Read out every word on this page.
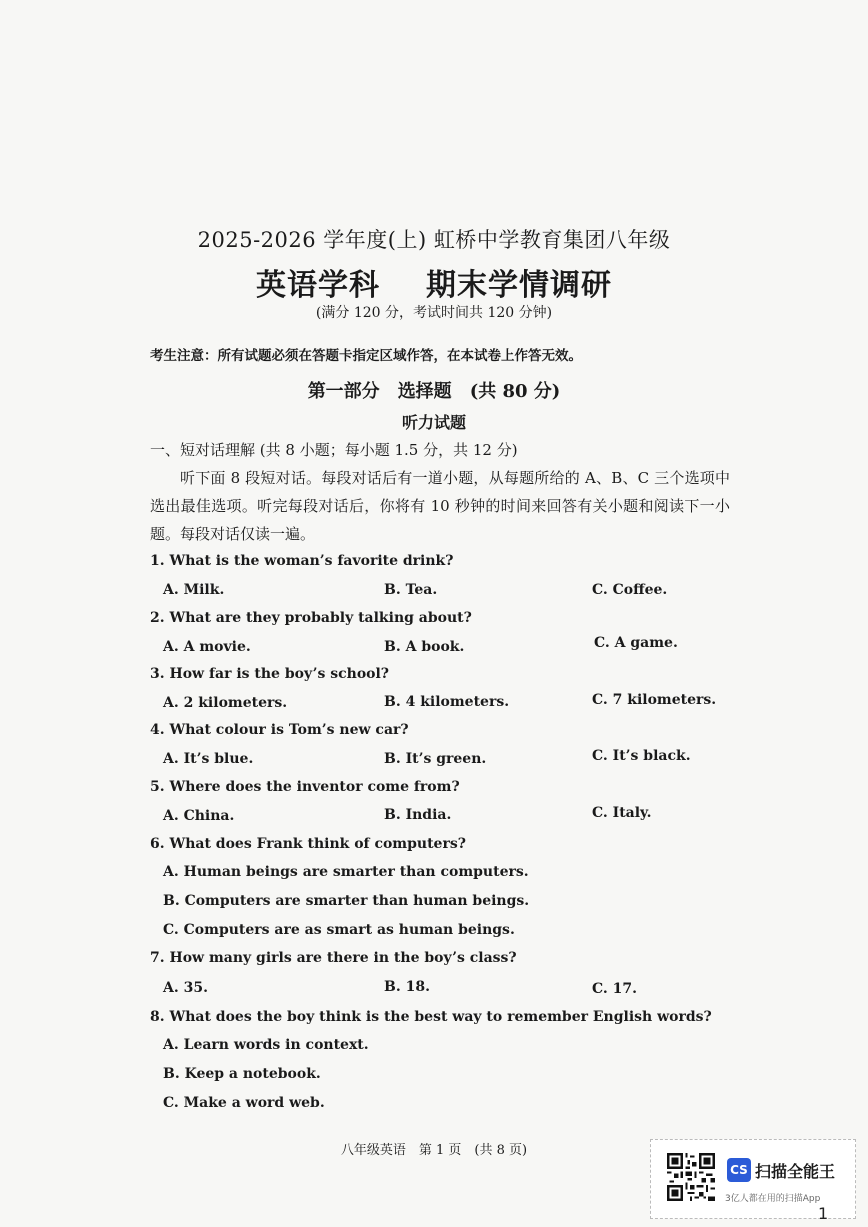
2025-2026 学年度(上) 虹桥中学教育集团八年级
英语学科 期末学情调研
(满分 120 分，考试时间共 120 分钟)
考生注意：所有试题必须在答题卡指定区域作答，在本试卷上作答无效。
第一部分 选择题 (共 80 分)
听力试题
一、短对话理解 (共 8 小题；每小题 1.5 分，共 12 分)
听下面 8 段短对话。每段对话后有一道小题，从每题所给的 A、B、C 三个选项中选出最佳选项。听完每段对话后，你将有 10 秒钟的时间来回答有关小题和阅读下一小题。每段对话仅读一遍。
1. What is the woman’s favorite drink?
A. Milk.	B. Tea.	C. Coffee.
2. What are they probably talking about?
A. A movie.	B. A book.	C. A game.
3. How far is the boy’s school?
A. 2 kilometers.	B. 4 kilometers.	C. 7 kilometers.
4. What colour is Tom’s new car?
A. It’s blue.	B. It’s green.	C. It’s black.
5. Where does the inventor come from?
A. China.	B. India.	C. Italy.
6. What does Frank think of computers?
A. Human beings are smarter than computers.
B. Computers are smarter than human beings.
C. Computers are as smart as human beings.
7. How many girls are there in the boy’s class?
A. 35.	B. 18.	C. 17.
8. What does the boy think is the best way to remember English words?
A. Learn words in context.
B. Keep a notebook.
C. Make a word web.
八年级英语　第 1 页　(共 8 页)
CS 扫描全能王
3亿人都在用的扫描App
1
